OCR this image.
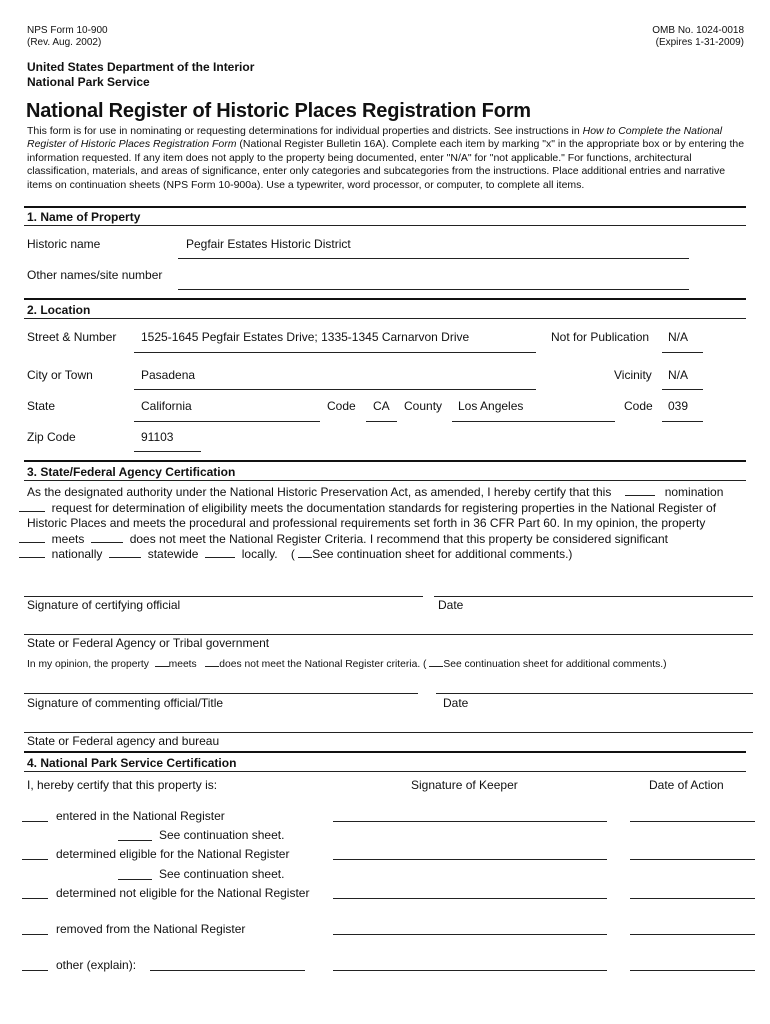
NPS Form 10-900
(Rev. Aug. 2002)
OMB No. 1024-0018
(Expires 1-31-2009)
United States Department of the Interior
National Park Service
National Register of Historic Places Registration Form
This form is for use in nominating or requesting determinations for individual properties and districts. See instructions in How to Complete the National Register of Historic Places Registration Form (National Register Bulletin 16A). Complete each item by marking "x" in the appropriate box or by entering the information requested. If any item does not apply to the property being documented, enter "N/A" for "not applicable." For functions, architectural classification, materials, and areas of significance, enter only categories and subcategories from the instructions. Place additional entries and narrative items on continuation sheets (NPS Form 10-900a). Use a typewriter, word processor, or computer, to complete all items.
1. Name of Property
Historic name	Pegfair Estates Historic District
Other names/site number
2. Location
Street & Number 1525-1645 Pegfair Estates Drive; 1335-1345 Carnarvon Drive	Not for Publication N/A
City or Town	Pasadena	Vicinity N/A
State	California	Code CA County Los Angeles	Code 039
Zip Code	91103
3. State/Federal Agency Certification
As the designated authority under the National Historic Preservation Act, as amended, I hereby certify that this	nomination
request for determination of eligibility meets the documentation standards for registering properties in the National Register of
Historic Places and meets the procedural and professional requirements set forth in 36 CFR Part 60. In my opinion, the property
meets	does not meet the National Register Criteria. I recommend that this property be considered significant
nationally	statewide	locally. ( See continuation sheet for additional comments.)
Signature of certifying official	Date
State or Federal Agency or Tribal government
In my opinion, the property meets does not meet the National Register criteria. ( See continuation sheet for additional comments.)
Signature of commenting official/Title	Date
State or Federal agency and bureau
4. National Park Service Certification
I, hereby certify that this property is:	Signature of Keeper	Date of Action
entered in the National Register
See continuation sheet.
determined eligible for the National Register
See continuation sheet.
determined not eligible for the National Register
removed from the National Register
other (explain):
